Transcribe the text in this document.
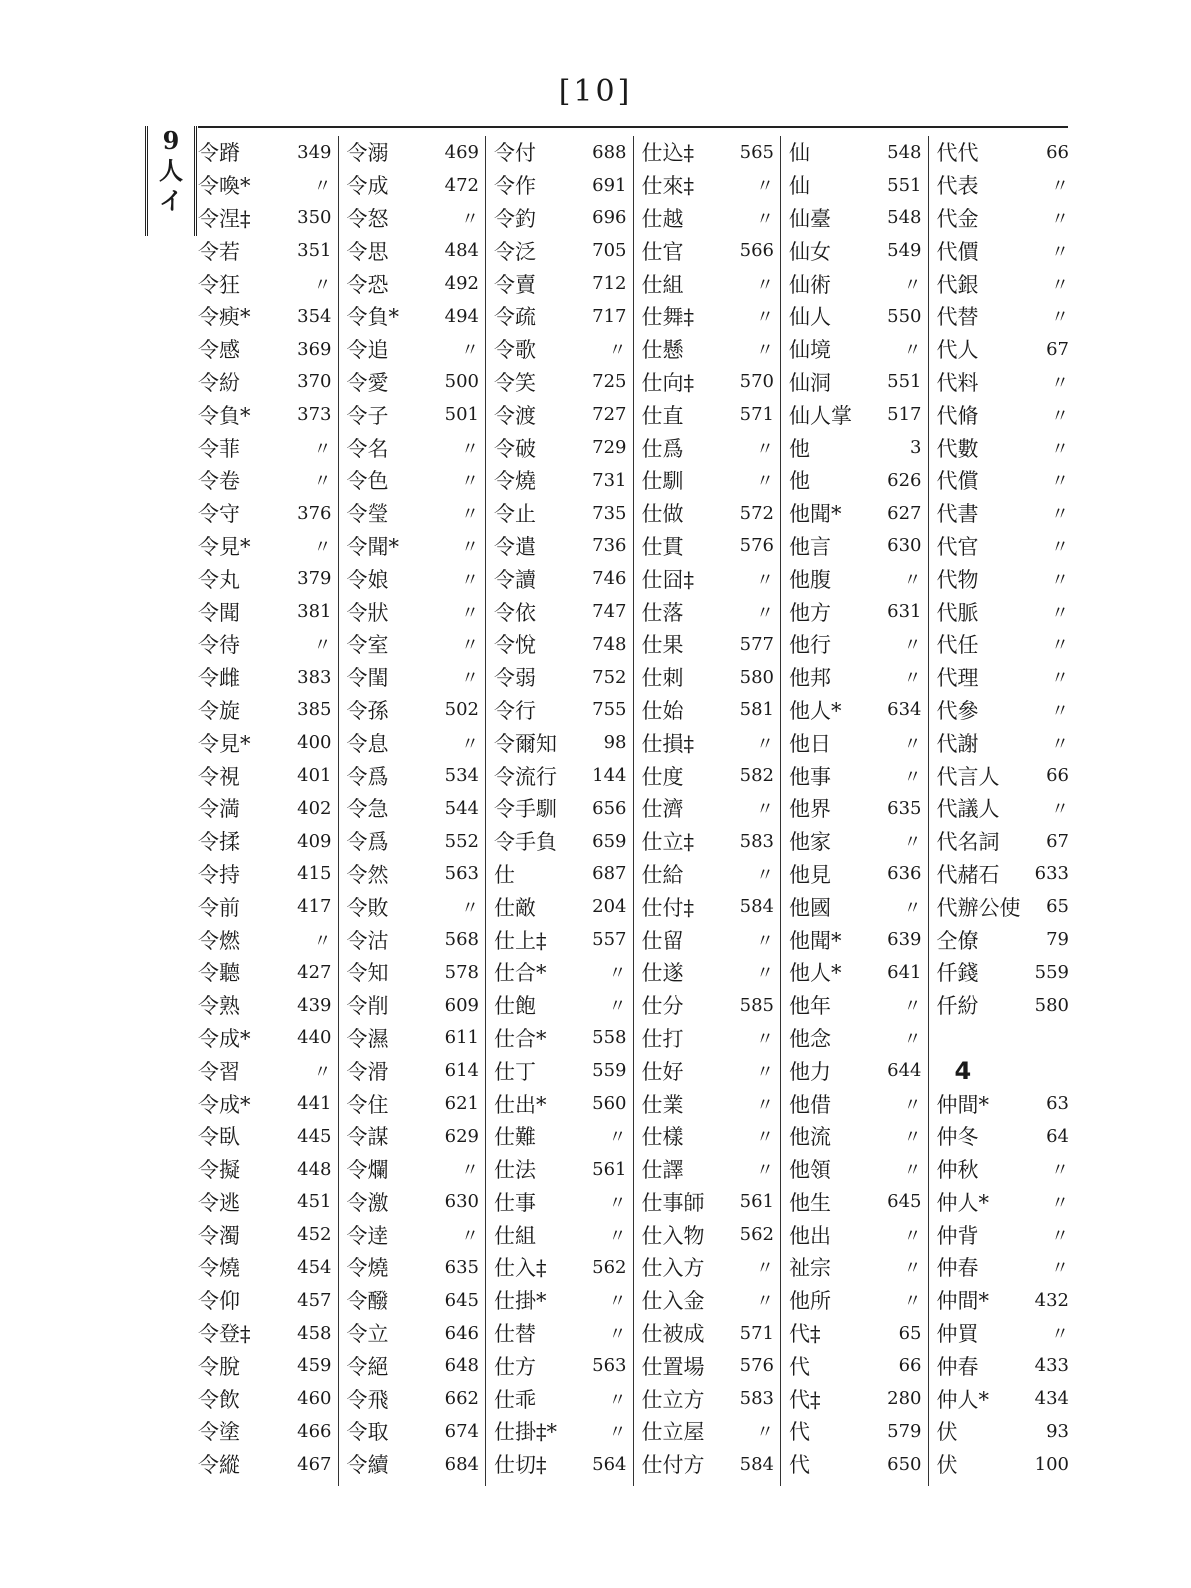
[10]
9
人
イ
令蹐	349
令喚*	〃
令涅‡	350
令若	351
令狂	〃
令瘐*	354
令感	369
令紛	370
令負*	373
令菲	〃
令卷	〃
令守	376
令見*	〃
令丸	379
令聞	381
令待	〃
令雌	383
令旋	385
令見*	400
令視	401
令満	402
令揉	409
令持	415
令前	417
令燃	〃
令聽	427
令熟	439
令成*	440
令習	〃
令成*	441
令臥	445
令擬	448
令逃	451
令濁	452
令燒	454
令仰	457
令登‡	458
令脫	459
令飲	460
令塗	466
令縱	467
令溺	469
令成	472
令怒	〃
令思	484
令恐	492
令負*	494
令追	〃
令愛	500
令子	501
令名	〃
令色	〃
令瑩	〃
令聞*	〃
令娘	〃
令狀	〃
令室	〃
令閨	〃
令孫	502
令息	〃
令爲	534
令急	544
令爲	552
令然	563
令敗	〃
令沽	568
令知	578
令削	609
令濕	611
令滑	614
令住	621
令謀	629
令爛	〃
令激	630
令逹	〃
令燒	635
令醱	645
令立	646
令絕	648
令飛	662
令取	674
令續	684
令付	688
令作	691
令釣	696
令泛	705
令賣	712
令疏	717
令歌	〃
令笑	725
令渡	727
令破	729
令燒	731
令止	735
令遣	736
令讀	746
令依	747
令悅	748
令弱	752
令行	755
令爾知	98
令流行 144
令手馴 656
令手負 659
仕	687
仕敵	204
仕上‡	557
仕合*	〃
仕飽	〃
仕合*	558
仕丁	559
仕出*	560
仕難	〃
仕法	561
仕事	〃
仕組	〃
仕入‡	562
仕掛*	〃
仕替	〃
仕方	563
仕乖	〃
仕掛‡*	〃
仕切‡	564
仕込‡	565
仕來‡	〃
仕越	〃
仕官	566
仕組	〃
仕舞‡	〃
仕懸	〃
仕向‡	570
仕直	571
仕爲	〃
仕馴	〃
仕做	572
仕貫	576
仕囧‡	〃
仕落	〃
仕果	577
仕刺	580
仕始	581
仕損‡	〃
仕度	582
仕濟	〃
仕立‡	583
仕給	〃
仕付‡	584
仕留	〃
仕遂	〃
仕分	585
仕打	〃
仕好	〃
仕業	〃
仕樣	〃
仕譯	〃
仕事師 561
仕入物 562
仕入方	〃
仕入金	〃
仕被成 571
仕置場 576
仕立方 583
仕立屋	〃
仕付方 584
仙	548
仙	551
仙臺	548
仙女	549
仙術	〃
仙人	550
仙境	〃
仙洞	551
仙人掌 517
他	3
他	626
他聞*	627
他言	630
他腹	〃
他方	631
他行	〃
他邦	〃
他人*	634
他日	〃
他事	〃
他界	635
他家	〃
他見	636
他國	〃
他聞*	639
他人*	641
他年	〃
他念	〃
他力	644
他借	〃
他流	〃
他領	〃
他生	645
他出	〃
祉宗	〃
他所	〃
代‡	65
代	66
代‡	280
代	579
代	650
代代	66
代表	〃
代金	〃
代價	〃
代銀	〃
代替	〃
代人	67
代料	〃
代脩	〃
代數	〃
代償	〃
代書	〃
代官	〃
代物	〃
代脈	〃
代任	〃
代理	〃
代參	〃
代謝	〃
代言人	66
代議人	〃
代名詞	67
代赭石 633
代辦公使 65
仝僚	79
仟錢	559
仟紛	580
4
仲間*	63
仲冬	64
仲秋	〃
仲人*	〃
仲背	〃
仲春	〃
仲間*	432
仲買	〃
仲春	433
仲人*	434
伏	93
伏	100
